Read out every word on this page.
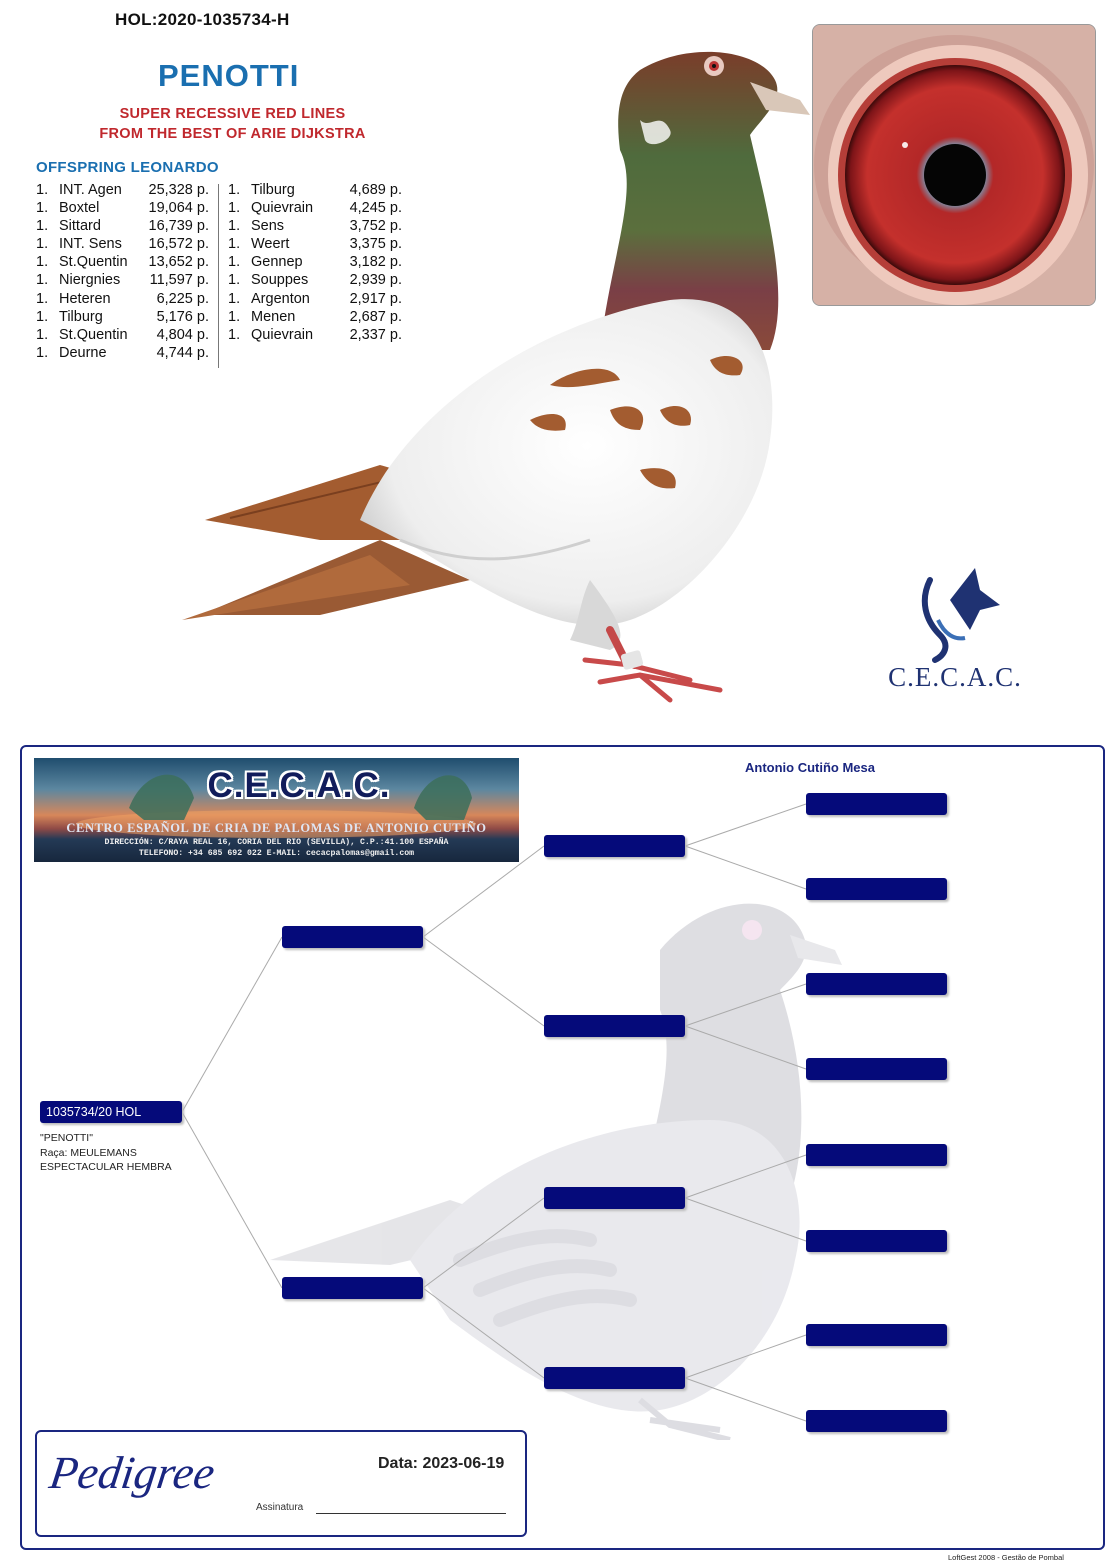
HOL:2020-1035734-H
PENOTTI
SUPER RECESSIVE RED LINES
FROM THE BEST OF ARIE DIJKSTRA
OFFSPRING LEONARDO
1. INT. Agen 25,328 p.
1. Boxtel	19,064 p.
1. Sittard	16,739 p.
1. INT. Sens 16,572 p.
1. St.Quentin 13,652 p.
1. Niergnies 11,597 p.
1. Heteren	6,225 p.
1. Tilburg	5,176 p.
1. St.Quentin	4,804 p.
1. Deurne	4,744 p.
1. Tilburg	4,689 p.
1. Quievrain	4,245 p.
1. Sens	3,752 p.
1. Weert	3,375 p.
1. Gennep	3,182 p.
1. Souppes	2,939 p.
1. Argenton	2,917 p.
1. Menen	2,687 p.
1. Quievrain	2,337 p.
C.E.C.A.C.
C.E.C.A.C.
CENTRO ESPAÑOL DE CRIA DE PALOMAS DE ANTONIO CUTIÑO
DIRECCIÓN: C/RAYA REAL 16, CORIA DEL RIO (SEVILLA), C.P.:41.100 ESPAÑA
TELEFONO: +34 685 692 022 E-MAIL: cecacpalomas@gmail.com
Antonio Cutiño Mesa
1035734/20 HOL
"PENOTTI"
Raça: MEULEMANS
ESPECTACULAR HEMBRA
Pedigree	Data: 2023-06-19
Assinatura
LoftGest 2008 - Gestão de Pombal
